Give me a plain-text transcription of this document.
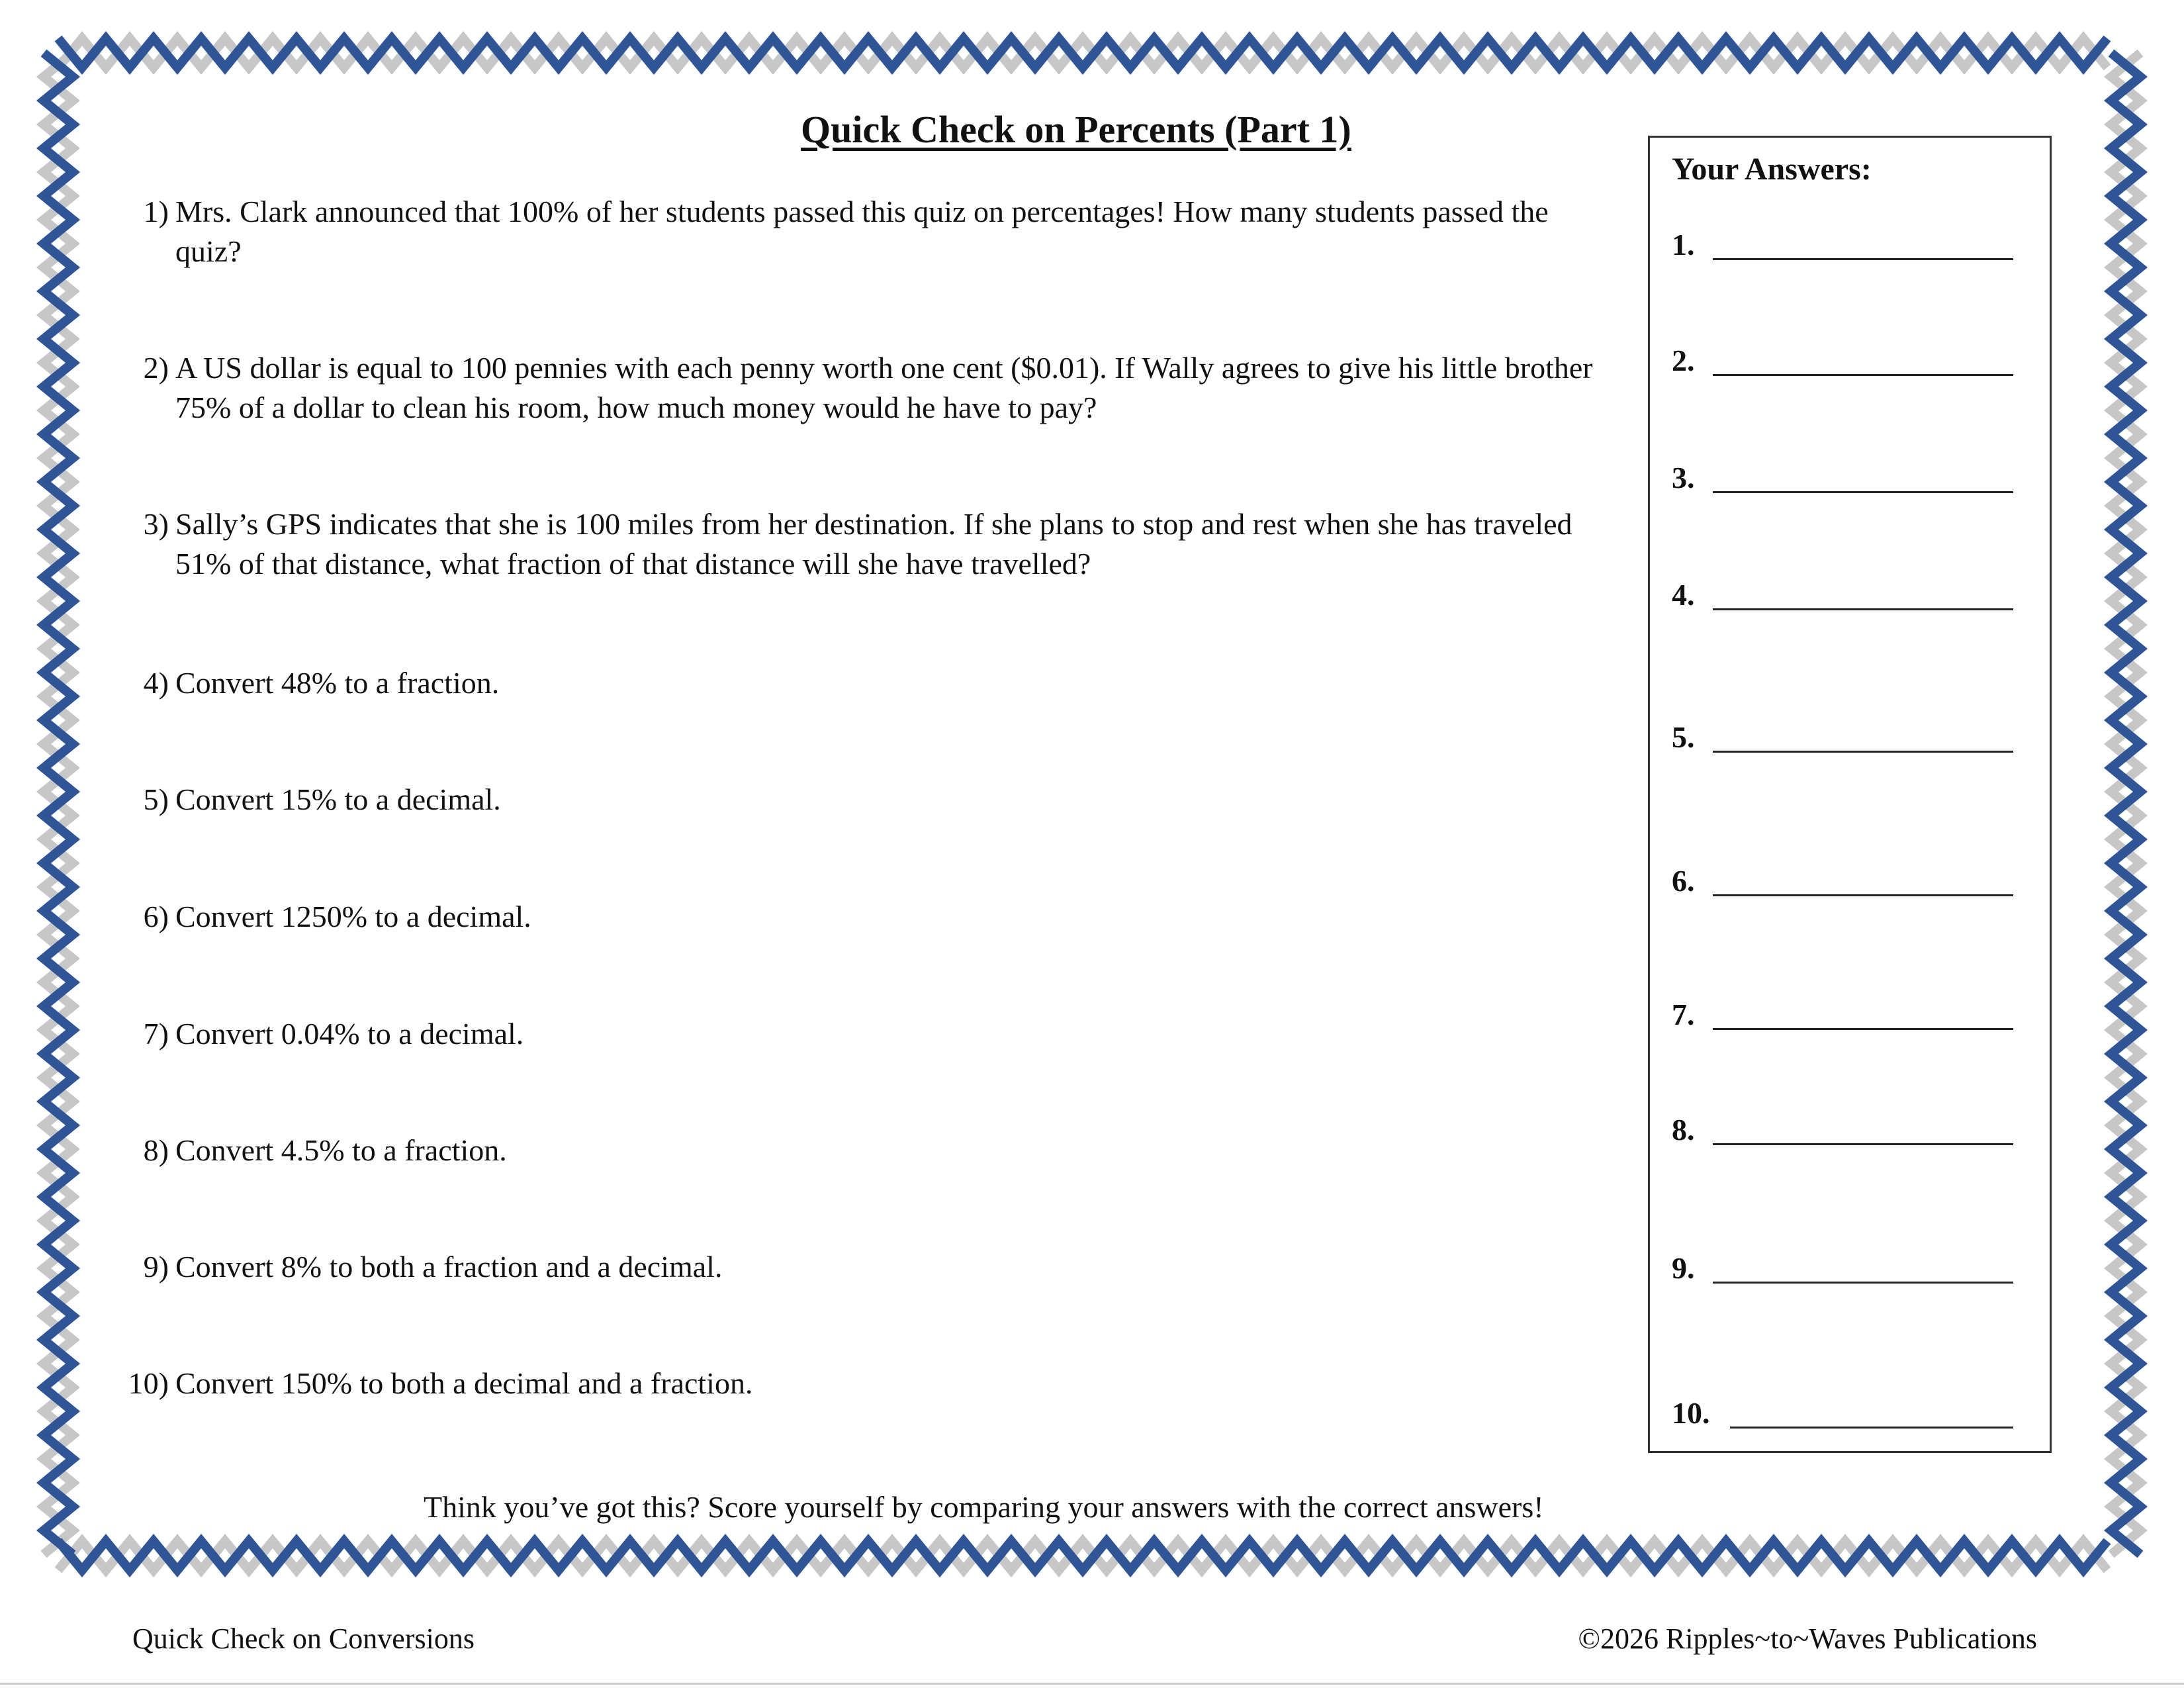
Quick Check on Percents (Part 1)
1) Mrs. Clark announced that 100% of her students passed this quiz on percentages! How many students passed the quiz?
2) A US dollar is equal to 100 pennies with each penny worth one cent ($0.01). If Wally agrees to give his little brother 75% of a dollar to clean his room, how much money would he have to pay?
3) Sally’s GPS indicates that she is 100 miles from her destination. If she plans to stop and rest when she has traveled 51% of that distance, what fraction of that distance will she have travelled?
4) Convert 48% to a fraction.
5) Convert 15% to a decimal.
6) Convert 1250% to a decimal.
7) Convert 0.04% to a decimal.
8) Convert 4.5% to a fraction.
9) Convert 8% to both a fraction and a decimal.
10) Convert 150% to both a decimal and a fraction.
Your Answers:
1.
2.
3.
4.
5.
6.
7.
8.
9.
10.
Think you’ve got this? Score yourself by comparing your answers with the correct answers!
Quick Check on Conversions	©2026 Ripples~to~Waves Publications
